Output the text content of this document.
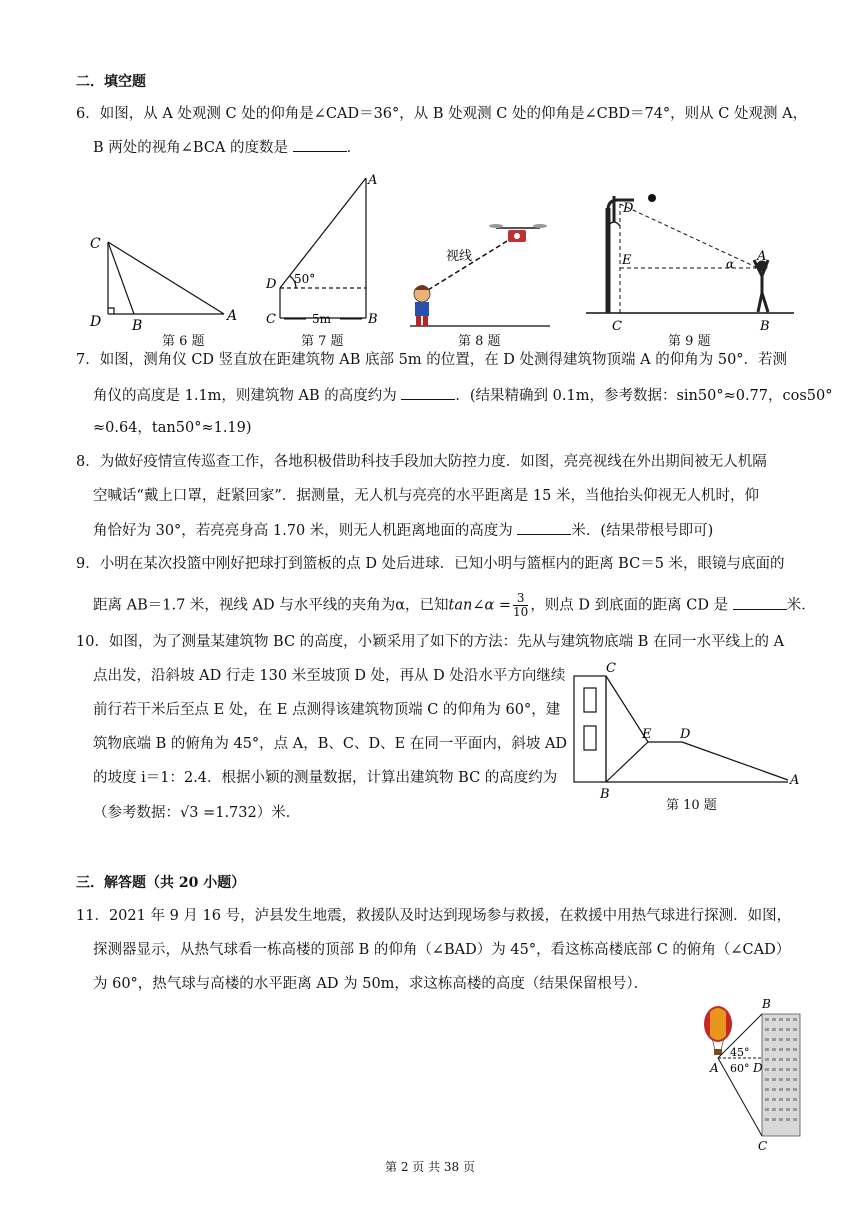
二．填空题
6．如图，从 A 处观测 C 处的仰角是∠CAD＝36°，从 B 处观测 C 处的仰角是∠CBD＝74°，则从 C 处观测 A，
B 两处的视角∠BCA 的度数是	．
C
D B
A
第 6 题
A
D
C	B
50°
5m
第 7 题
视线
第 8 题
D
E	A
α
C	B
第 9 题
7．如图，测角仪 CD 竖直放在距建筑物 AB 底部 5m 的位置，在 D 处测得建筑物顶端 A 的仰角为 50°．若测
角仪的高度是 1.1m，则建筑物 AB 的高度约为	．(结果精确到 0.1m，参考数据：sin50°≈0.77，cos50°
≈0.64，tan50°≈1.19)
8．为做好疫情宣传巡查工作，各地积极借助科技手段加大防控力度．如图，亮亮视线在外出期间被无人机隔
空喊话“戴上口罩，赶紧回家”．据测量，无人机与亮亮的水平距离是 15 米，当他抬头仰视无人机时，仰
角恰好为 30°，若亮亮身高 1.70 米，则无人机距离地面的高度为	米．(结果带根号即可)
9．小明在某次投篮中刚好把球打到篮板的点 D 处后进球．已知小明与篮框内的距离 BC＝5 米，眼镜与底面的
距离 AB＝1.7 米，视线 AD 与水平线的夹角为α，已知tan∠α = $\frac{3}{10}$ ，则点 D 到底面的距离 CD 是	米．
10．如图，为了测量某建筑物 BC 的高度，小颖采用了如下的方法：先从与建筑物底端 B 在同一水平线上的 A
点出发，沿斜坡 AD 行走 130 米至坡顶 D 处，再从 D 处沿水平方向继续
前行若干米后至点 E 处，在 E 点测得该建筑物顶端 C 的仰角为 60°，建
筑物底端 B 的俯角为 45°，点 A，B、C、D、E 在同一平面内，斜坡 AD
的坡度 i＝1：2.4．根据小颖的测量数据，计算出建筑物 BC 的高度约为
（参考数据：√3 =1.732）米．
C
E D
B
A
第 10 题
三．解答题（共 20 小题）
11．2021 年 9 月 16 号，泸县发生地震，救援队及时达到现场参与救援，在救援中用热气球进行探测．如图，
探测器显示，从热气球看一栋高楼的顶部 B 的仰角（∠BAD）为 45°，看这栋高楼底部 C 的俯角（∠CAD）
为 60°，热气球与高楼的水平距离 AD 为 50m，求这栋高楼的高度（结果保留根号）．
B
45°
60°
A	D
C
第 2 页 共 38 页
